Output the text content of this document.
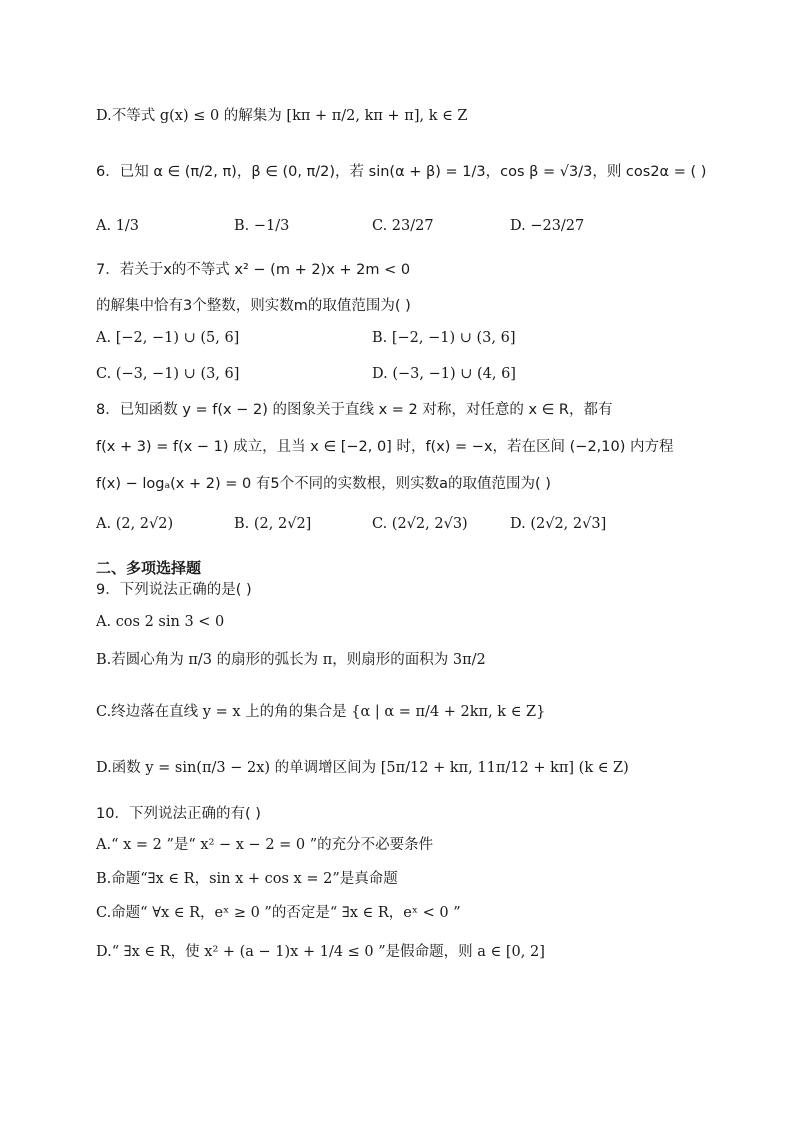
D.不等式 g(x) ≤ 0 的解集为 [kπ + π/2, kπ + π], k ∈ Z
6．已知 α ∈ (π/2, π)，β ∈ (0, π/2)，若 sin(α + β) = 1/3，cos β = √3/3，则 cos2α = ( )
A. 1/3	B. −1/3	C. 23/27	D. −23/27
7．若关于x的不等式 x² − (m + 2)x + 2m < 0
的解集中恰有3个整数，则实数m的取值范围为( )
A. [−2, −1) ∪ (5, 6]	B. [−2, −1) ∪ (3, 6]
C. (−3, −1) ∪ (3, 6]	D. (−3, −1) ∪ (4, 6]
8．已知函数 y = f(x − 2) 的图象关于直线 x = 2 对称，对任意的 x ∈ R，都有
f(x + 3) = f(x − 1) 成立，且当 x ∈ [−2, 0] 时，f(x) = −x，若在区间 (−2,10) 内方程
f(x) − logₐ(x + 2) = 0 有5个不同的实数根，则实数a的取值范围为( )
A. (2, 2√2)	B. (2, 2√2]	C. (2√2, 2√3)	D. (2√2, 2√3]
二、多项选择题
9．下列说法正确的是( )
A. cos 2 sin 3 < 0
B.若圆心角为 π/3 的扇形的弧长为 π，则扇形的面积为 3π/2
C.终边落在直线 y = x 上的角的集合是 {α | α = π/4 + 2kπ, k ∈ Z}
D.函数 y = sin(π/3 − 2x) 的单调增区间为 [5π/12 + kπ, 11π/12 + kπ] (k ∈ Z)
10．下列说法正确的有( )
A.“ x = 2 ”是“ x² − x − 2 = 0 ”的充分不必要条件
B.命题“∃x ∈ R，sin x + cos x = 2”是真命题
C.命题“ ∀x ∈ R，eˣ ≥ 0 ”的否定是“ ∃x ∈ R，eˣ < 0 ”
D.“ ∃x ∈ R，使 x² + (a − 1)x + 1/4 ≤ 0 ”是假命题，则 a ∈ [0, 2]
